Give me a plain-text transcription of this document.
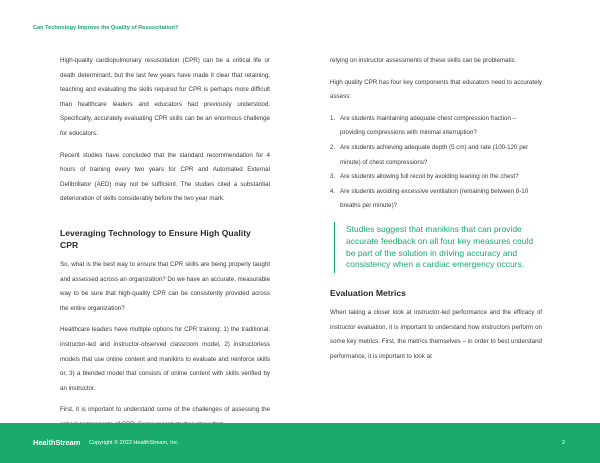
Can Technology Improve the Quality of Resuscitation?

High-quality cardiopulmonary resuscitation (CPR) can be a critical life or death determinant, but the last few years have made it clear that retaining, teaching and evaluating the skills required for CPR is perhaps more difficult than healthcare leaders and educators had previously understood. Specifically, accurately evaluating CPR skills can be an enormous challenge for educators.

Recent studies have concluded that the standard recommendation for 4 hours of training every two years for CPR and Automated External Defibrillator (AED) may not be sufficient. The studies cited a substantial deterioration of skills considerably before the two year mark.

Leveraging Technology to Ensure High Quality CPR

So, what is the best way to ensure that CPR skills are being properly taught and assessed across an organization? Do we have an accurate, measurable way to be sure that high-quality CPR can be consistently provided across the entire organization?

Healthcare leaders have multiple options for CPR training: 1) the traditional, instructor-led and instructor-observed classroom model, 2) instructorless models that use online content and manikins to evaluate and reinforce skills or, 3) a blended model that consists of online content with skills verified by an instructor.

First, it is important to understand some of the challenges of assessing the

relying on instructor assessments of these skills can be problematic.

High quality CPR has four key components that educators need to accurately assess:

1. Are students maintaining adequate chest compression fraction – providing compressions with minimal interruption?
2. Are students achieving adequate depth (5 cm) and rate (100-120 per minute) of chest compressions?
3. Are students allowing full recoil by avoiding leaning on the chest?
4. Are students avoiding excessive ventilation (remaining between 8-10 breaths per minute)?
Studies suggest that manikins that can provide accurate feedback on all four key measures could be part of the solution in driving accuracy and consistency when a cardiac emergency occurs.
Evaluation Metrics

When taking a closer look at instructor-led performance and the efficacy of instructor evaluation, it is important to understand how instructors perform on some key metrics. First, the metrics themselves – in order to best understand performance, it is important to look at

HealthStream Copyright © 2022 HealthStream, Inc.	2
